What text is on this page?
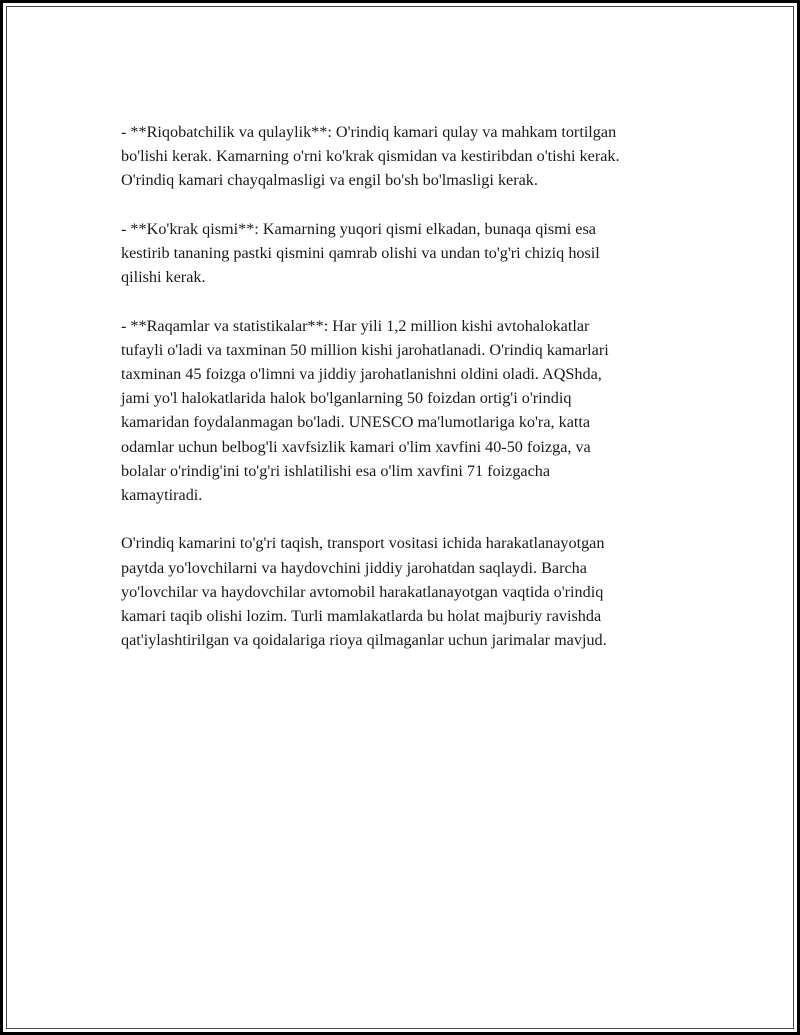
- **Riqobatchilik va qulaylik**: O'rindiq kamari qulay va mahkam tortilgan
bo'lishi kerak. Kamarning o'rni ko'krak qismidan va kestiribdan o'tishi kerak.
O'rindiq kamari chayqalmasligi va engil bo'sh bo'lmasligi kerak.

- **Ko'krak qismi**: Kamarning yuqori qismi elkadan, bunaqa qismi esa
kestirib tananing pastki qismini qamrab olishi va undan to'g'ri chiziq hosil
qilishi kerak.

- **Raqamlar va statistikalar**: Har yili 1,2 million kishi avtohalokatlar
tufayli o'ladi va taxminan 50 million kishi jarohatlanadi. O'rindiq kamarlari
taxminan 45 foizga o'limni va jiddiy jarohatlanishni oldini oladi. AQShda,
jami yo'l halokatlarida halok bo'lganlarning 50 foizdan ortig'i o'rindiq
kamaridan foydalanmagan bo'ladi. UNESCO ma'lumotlariga ko'ra, katta
odamlar uchun belbog'li xavfsizlik kamari o'lim xavfini 40-50 foizga, va
bolalar o'rindig'ini to'g'ri ishlatilishi esa o'lim xavfini 71 foizgacha
kamaytiradi.

O'rindiq kamarini to'g'ri taqish, transport vositasi ichida harakatlanayotgan
paytda yo'lovchilarni va haydovchini jiddiy jarohatdan saqlaydi. Barcha
yo'lovchilar va haydovchilar avtomobil harakatlanayotgan vaqtida o'rindiq
kamari taqib olishi lozim. Turli mamlakatlarda bu holat majburiy ravishda
qat'iylashtirilgan va qoidalariga rioya qilmaganlar uchun jarimalar mavjud.
